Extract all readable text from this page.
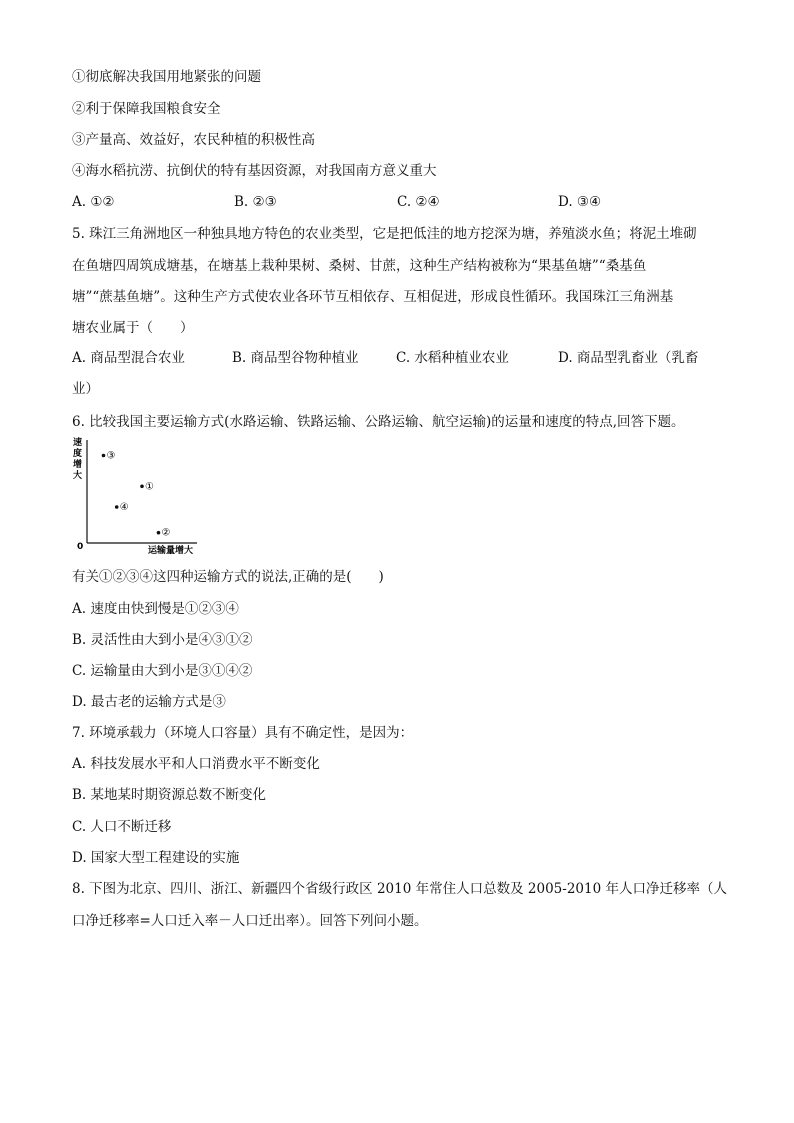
①彻底解决我国用地紧张的问题
②利于保障我国粮食安全
③产量高、效益好，农民种植的积极性高
④海水稻抗涝、抗倒伏的特有基因资源，对我国南方意义重大
A. ①②	B. ②③	C. ②④	D. ③④
5. 珠江三角洲地区一种独具地方特色的农业类型，它是把低洼的地方挖深为塘，养殖淡水鱼；将泥土堆砌
在鱼塘四周筑成塘基，在塘基上栽种果树、桑树、甘蔗，这种生产结构被称为“果基鱼塘”“桑基鱼
塘”“蔗基鱼塘”。这种生产方式使农业各环节互相依存、互相促进，形成良性循环。我国珠江三角洲基
塘农业属于（　　）
A. 商品型混合农业	B. 商品型谷物种植业	C. 水稻种植业农业	D. 商品型乳畜业（乳畜
业）
6. 比较我国主要运输方式(水路运输、铁路运输、公路运输、航空运输)的运量和速度的特点,回答下题。
速
度
增
大
0	运输量增大
③
①
④
②
有关①②③④这四种运输方式的说法,正确的是(　　)
A. 速度由快到慢是①②③④
B. 灵活性由大到小是④③①②
C. 运输量由大到小是③①④②
D. 最古老的运输方式是③
7. 环境承载力（环境人口容量）具有不确定性，是因为：
A. 科技发展水平和人口消费水平不断变化
B. 某地某时期资源总数不断变化
C. 人口不断迁移
D. 国家大型工程建设的实施
8. 下图为北京、四川、浙江、新疆四个省级行政区 2010 年常住人口总数及 2005-2010 年人口净迁移率（人
口净迁移率=人口迁入率－人口迁出率）。回答下列问小题。
